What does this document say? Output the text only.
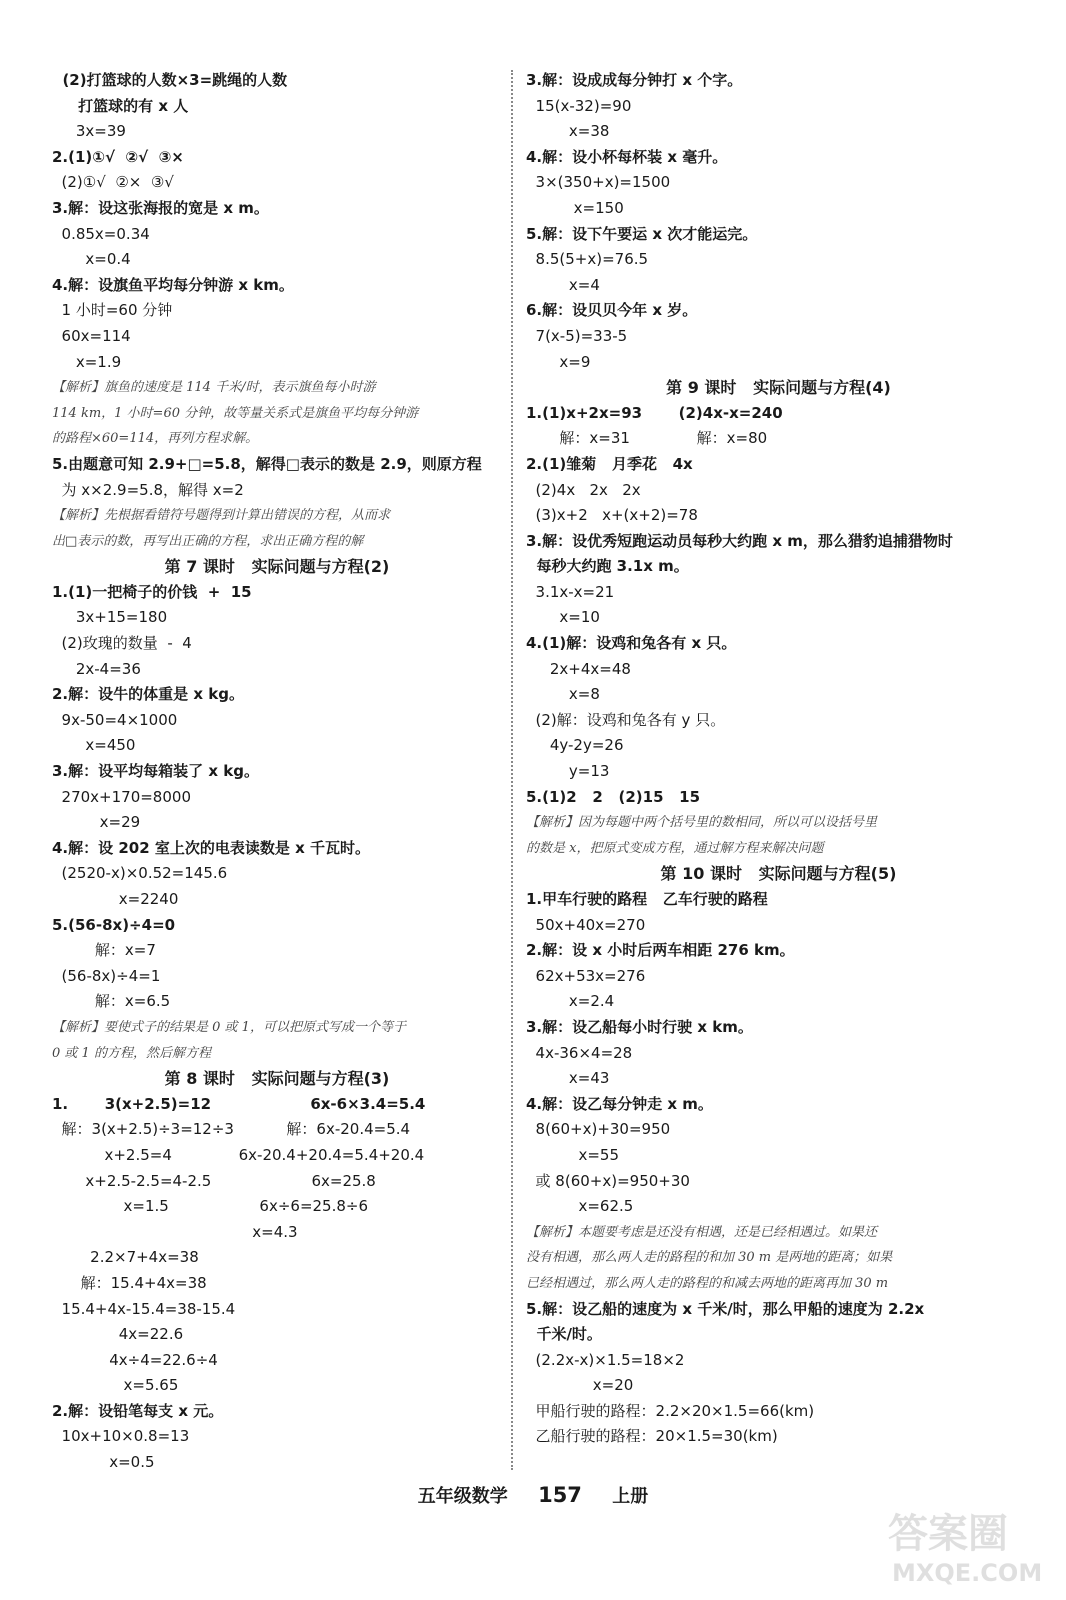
(2)打篮球的人数×3=跳绳的人数
打篮球的有 x 人
3x=39
2.(1)①√  ②√  ③×
(2)①√  ②×  ③√
3.解：设这张海报的宽是 x m。
0.85x=0.34
x=0.4
4.解：设旗鱼平均每分钟游 x km。
1 小时=60 分钟
60x=114
x=1.9
【解析】旗鱼的速度是 114 千米/时，表示旗鱼每小时游
114 km，1 小时=60 分钟，故等量关系式是旗鱼平均每分钟游
的路程×60=114，再列方程求解。
5.由题意可知 2.9+□=5.8，解得□表示的数是 2.9，则原方程
为 x×2.9=5.8，解得 x=2
【解析】先根据看错符号题得到计算出错误的方程，从而求
出□表示的数，再写出正确的方程，求出正确方程的解
第 7 课时   实际问题与方程(2)
1.(1)一把椅子的价钱  +  15
3x+15=180
(2)玫瑰的数量  -  4
2x-4=36
2.解：设牛的体重是 x kg。
9x-50=4×1000
x=450
3.解：设平均每箱装了 x kg。
270x+170=8000
x=29
4.解：设 202 室上次的电表读数是 x 千瓦时。
(2520-x)×0.52=145.6
x=2240
5.(56-8x)÷4=0
解：x=7
(56-8x)÷4=1
解：x=6.5
【解析】要使式子的结果是 0 或 1，可以把原式写成一个等于
0 或 1 的方程，然后解方程
第 8 课时   实际问题与方程(3)
1.       3(x+2.5)=12                   6x-6×3.4=5.4
解：3(x+2.5)÷3=12÷3           解：6x-20.4=5.4
x+2.5=4              6x-20.4+20.4=5.4+20.4
x+2.5-2.5=4-2.5                     6x=25.8
x=1.5                   6x÷6=25.8÷6
x=4.3
2.2×7+4x=38
解：15.4+4x=38
15.4+4x-15.4=38-15.4
4x=22.6
4x÷4=22.6÷4
x=5.65
2.解：设铅笔每支 x 元。
10x+10×0.8=13
x=0.5
3.解：设成成每分钟打 x 个字。
15(x-32)=90
x=38
4.解：设小杯每杯装 x 毫升。
3×(350+x)=1500
x=150
5.解：设下午要运 x 次才能运完。
8.5(5+x)=76.5
x=4
6.解：设贝贝今年 x 岁。
7(x-5)=33-5
x=9
第 9 课时   实际问题与方程(4)
1.(1)x+2x=93       (2)4x-x=240
解：x=31              解：x=80
2.(1)雏菊   月季花   4x
(2)4x   2x   2x
(3)x+2   x+(x+2)=78
3.解：设优秀短跑运动员每秒大约跑 x m，那么猎豹追捕猎物时
每秒大约跑 3.1x m。
3.1x-x=21
x=10
4.(1)解：设鸡和兔各有 x 只。
2x+4x=48
x=8
(2)解：设鸡和兔各有 y 只。
4y-2y=26
y=13
5.(1)2   2   (2)15   15
【解析】因为每题中两个括号里的数相同，所以可以设括号里
的数是 x，把原式变成方程，通过解方程来解决问题
第 10 课时   实际问题与方程(5)
1.甲车行驶的路程   乙车行驶的路程
50x+40x=270
2.解：设 x 小时后两车相距 276 km。
62x+53x=276
x=2.4
3.解：设乙船每小时行驶 x km。
4x-36×4=28
x=43
4.解：设乙每分钟走 x m。
8(60+x)+30=950
x=55
或 8(60+x)=950+30
x=62.5
【解析】本题要考虑是还没有相遇，还是已经相遇过。如果还
没有相遇，那么两人走的路程的和加 30 m 是两地的距离；如果
已经相遇过，那么两人走的路程的和减去两地的距离再加 30 m
5.解：设乙船的速度为 x 千米/时，那么甲船的速度为 2.2x
千米/时。
(2.2x-x)×1.5=18×2
x=20
甲船行驶的路程：2.2×20×1.5=66(km)
乙船行驶的路程：20×1.5=30(km)
五年级数学 157 上册
答案圈
MXQE.COM
